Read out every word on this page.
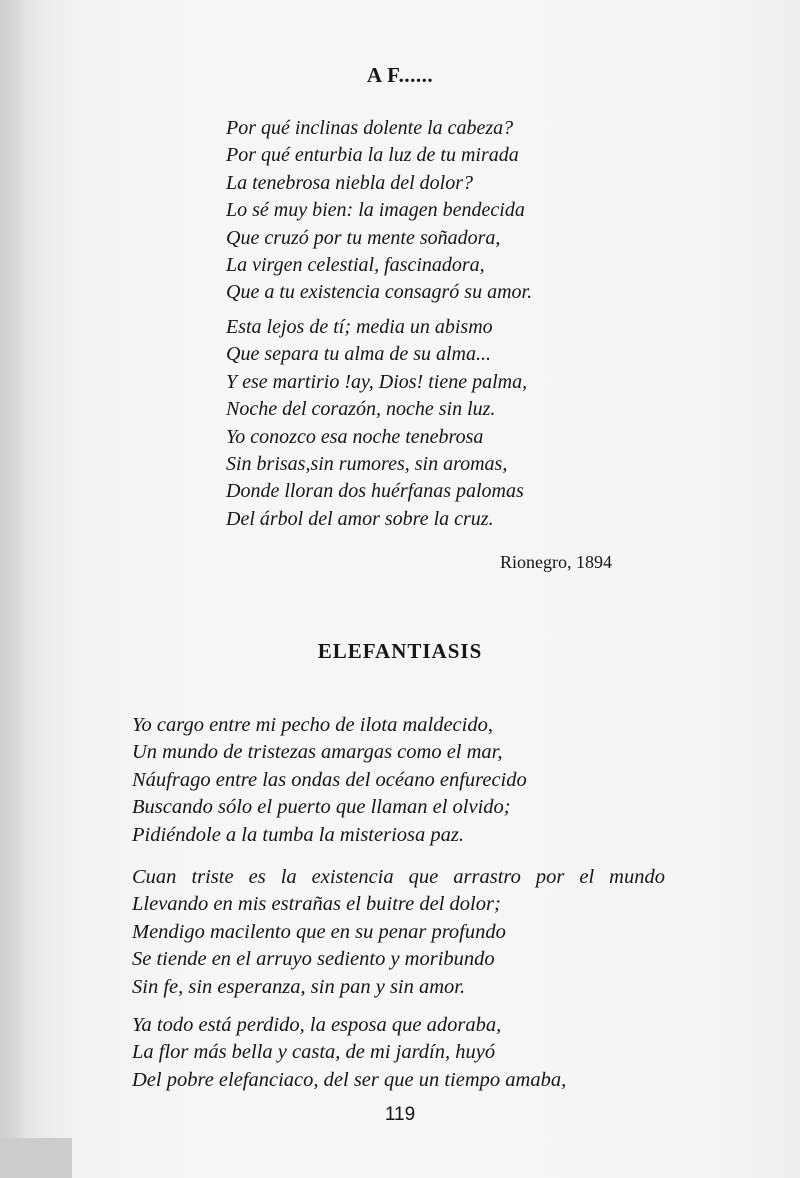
A F......
Por qué inclinas dolente la cabeza?
Por qué enturbia la luz de tu mirada
La tenebrosa niebla del dolor?
Lo sé muy bien: la imagen bendecida
Que cruzó por tu mente soñadora,
La virgen celestial, fascinadora,
Que a tu existencia consagró su amor.
Esta lejos de tí; media un abismo
Que separa tu alma de su alma...
Y ese martirio !ay, Dios! tiene palma,
Noche del corazón, noche sin luz.
Yo conozco esa noche tenebrosa
Sin brisas,sin rumores, sin aromas,
Donde lloran dos huérfanas palomas
Del árbol del amor sobre la cruz.
Rionegro, 1894
ELEFANTIASIS
Yo cargo entre mi pecho de ilota maldecido,
Un mundo de tristezas amargas como el mar,
Náufrago entre las ondas del océano enfurecido
Buscando sólo el puerto que llaman el olvido;
Pidiéndole a la tumba la misteriosa paz.
Cuan triste es la existencia que arrastro por el mundo
Llevando en mis estrañas el buitre del dolor;
Mendigo macilento que en su penar profundo
Se tiende en el arruyo sediento y moribundo
Sin fe, sin esperanza, sin pan y sin amor.
Ya todo está perdido, la esposa que adoraba,
La flor más bella y casta, de mi jardín, huyó
Del pobre elefanciaco, del ser que un tiempo amaba,
119
